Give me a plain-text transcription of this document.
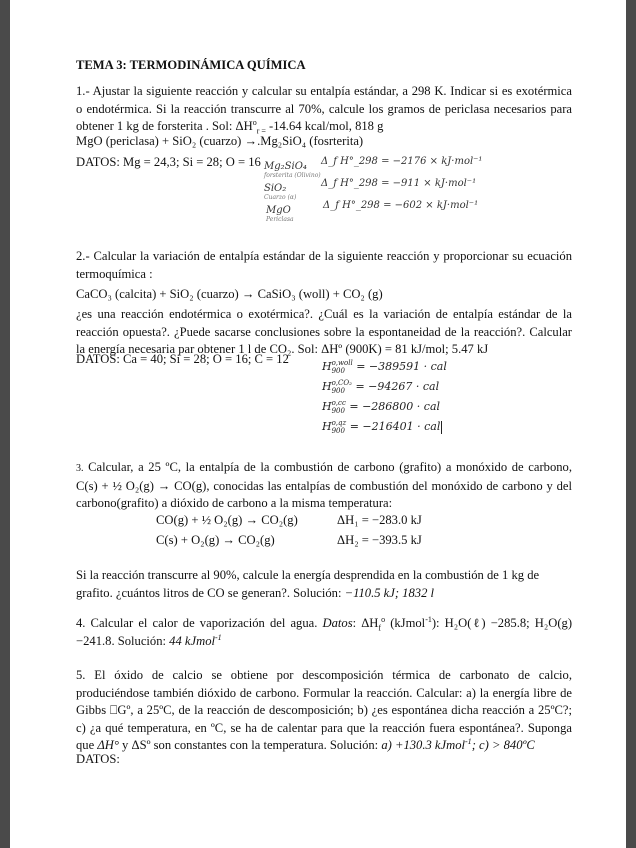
TEMA 3: TERMODINÁMICA QUÍMICA
1.- Ajustar la siguiente reacción y calcular su entalpía estándar, a 298 K. Indicar si es exotérmica o endotérmica. Si la reacción transcurre al 70%, calcule los gramos de periclasa necesarios para obtener 1 kg de forsterita . Sol: $\Delta H^o_{r =}$ -14.64 kcal/mol, 818 g
MgO (periclasa) + SiO₂ (cuarzo) →.Mg₂SiO₄ (fosrterita)
DATOS: Mg = 24,3; Si = 28; O = 16 Mg₂SiO₄
forsterita (Olivino)
Δ_f H°_298 = −2176 × kJ·mol⁻¹
SiO₂
Cuarzo (α)
Δ_f H°_298 = −911 × kJ·mol⁻¹
MgO
Periclasa
Δ_f H°_298 = −602 × kJ·mol⁻¹
2.- Calcular la variación de entalpía estándar de la siguiente reacción y proporcionar su ecuación termoquímica :
CaCO₃ (calcita) + SiO₂ (cuarzo) → CaSiO₃ (woll) + CO₂ (g)
¿es una reacción endotérmica o exotérmica?. ¿Cuál es la variación de entalpía estándar de la reacción opuesta?. ¿Puede sacarse conclusiones sobre la espontaneidad de la reacción?. Calcular la energía necesaria par obtener 1 l de CO₂. Sol: ΔHº (900K) = 81 kJ/mol; 5.47 kJ
DATOS: Ca = 40; Si = 28; O = 16; C = 12
H o,woll
900	= −389591 · cal
H o,CO₂
900 = −94267 · cal
H o,cc
900 = −286800 · cal
H o,qz
900 = −216401 · cal
3. Calcular, a 25 ºC, la entalpía de la combustión de carbono (grafito) a monóxido de carbono, C(s) + ½ O₂(g) → CO(g), conocidas las entalpías de combustión del monóxido de carbono y del carbono(grafito) a dióxido de carbono a la misma temperatura:
CO(g) + ½ O₂(g) → CO₂(g)	ΔH₁ = −283.0 kJ
C(s) + O₂(g) → CO₂(g)	ΔH₂ = −393.5 kJ
Si la reacción transcurre al 90%, calcule la energía desprendida en la combustión de 1 kg de grafito. ¿cuántos litros de CO se generan?. Solución: −110.5 kJ; 1832 l
4. Calcular el calor de vaporización del agua. Datos: $\Delta H_f^o$ (kJmol$^{-1}$): H₂O(ℓ) −285.8; H₂O(g) −241.8. Solución: 44 kJmol$^{-1}$
5. El óxido de calcio se obtiene por descomposición térmica de carbonato de calcio, produciéndose también dióxido de carbono. Formular la reacción. Calcular: a) la energía libre de Gibbs ⎕Gº, a 25ºC, de la reacción de descomposición; b) ¿es espontánea dicha reacción a 25ºC?; c) ¿a qué temperatura, en ºC, se ha de calentar para que la reacción fuera espontánea?. Suponga que ΔH° y ΔSº son constantes con la temperatura. Solución: a) +130.3 kJmol$^{-1}$; c) > 840ºC
DATOS:
